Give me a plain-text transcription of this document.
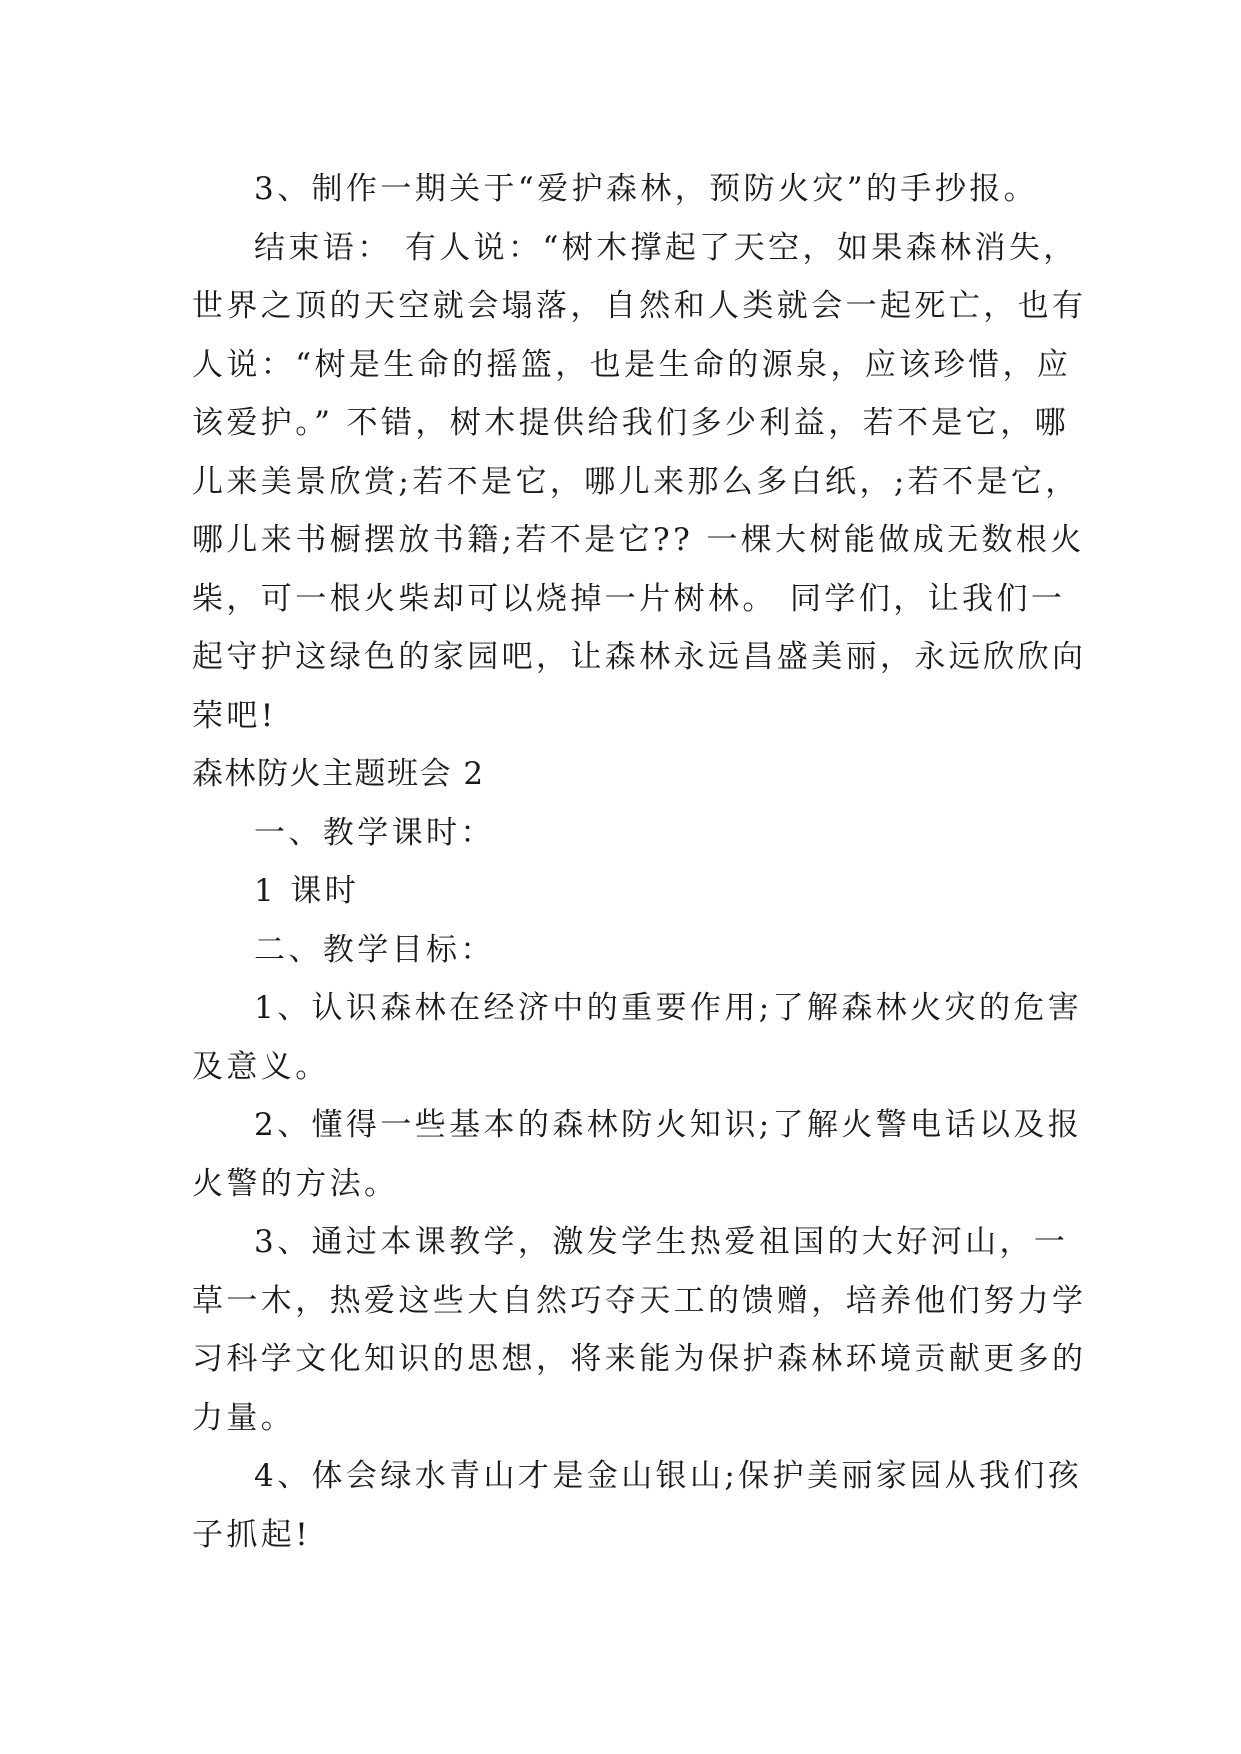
3、制作一期关于“爱护森林，预防火灾”的手抄报。

结束语： 有人说：“树木撑起了天空，如果森林消失，

世界之顶的天空就会塌落，自然和人类就会一起死亡，也有

人说：“树是生命的摇篮，也是生命的源泉，应该珍惜，应

该爱护。” 不错，树木提供给我们多少利益，若不是它，哪

儿来美景欣赏;若不是它，哪儿来那么多白纸，;若不是它，

哪儿来书橱摆放书籍;若不是它?? 一棵大树能做成无数根火

柴，可一根火柴却可以烧掉一片树林。 同学们，让我们一

起守护这绿色的家园吧，让森林永远昌盛美丽，永远欣欣向

荣吧!

森林防火主题班会 2

一、教学课时：

1 课时

二、教学目标：

1、认识森林在经济中的重要作用;了解森林火灾的危害

及意义。

2、懂得一些基本的森林防火知识;了解火警电话以及报

火警的方法。

3、通过本课教学，激发学生热爱祖国的大好河山，一

草一木，热爱这些大自然巧夺天工的馈赠，培养他们努力学

习科学文化知识的思想，将来能为保护森林环境贡献更多的

力量。

4、体会绿水青山才是金山银山;保护美丽家园从我们孩

子抓起!
